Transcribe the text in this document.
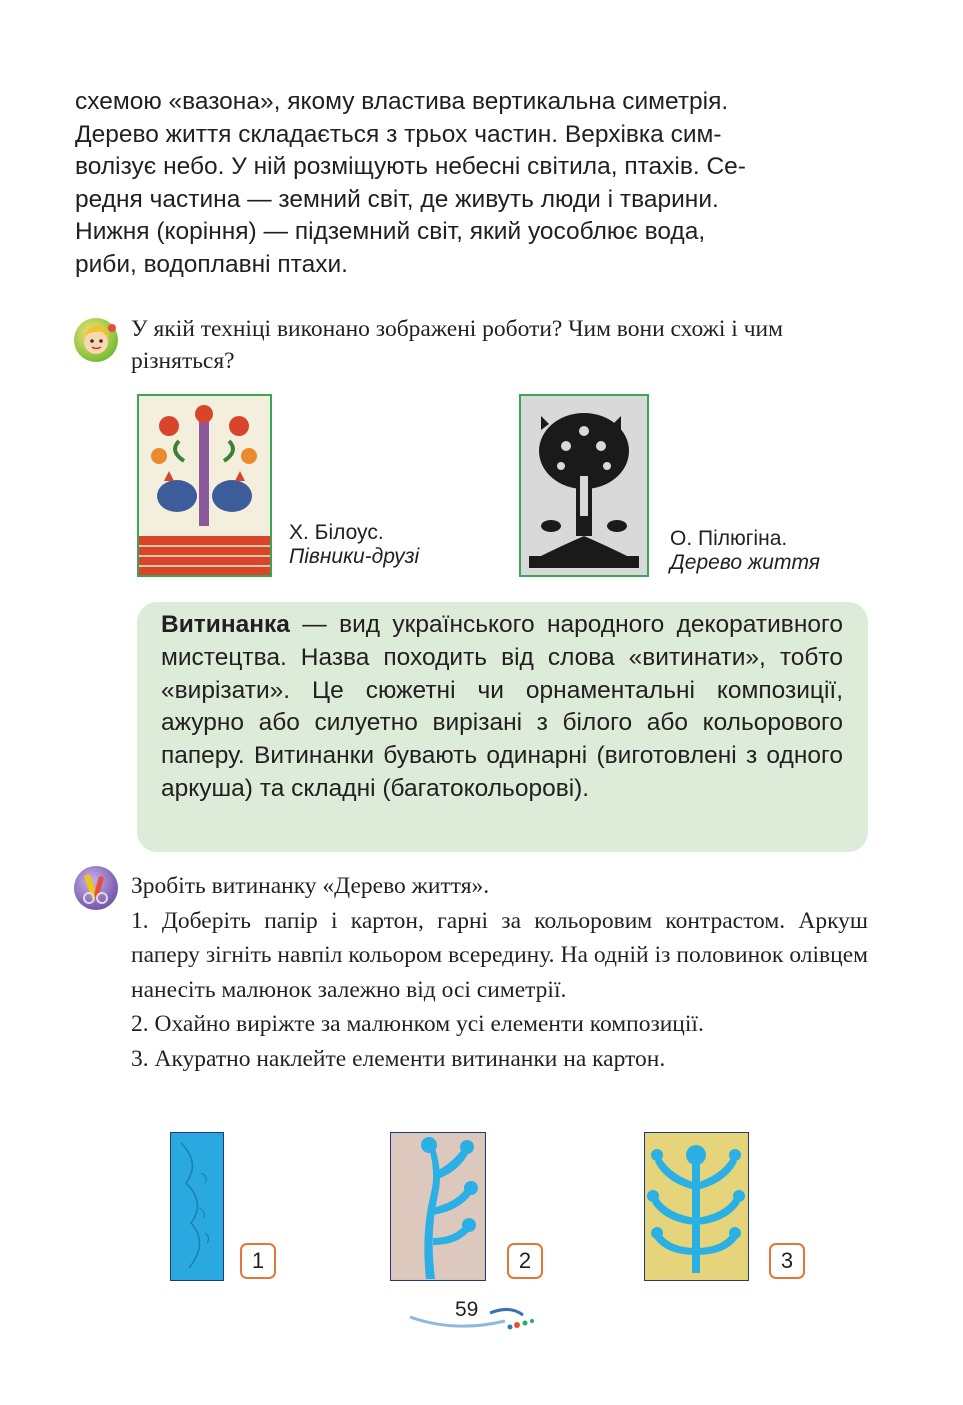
схемою «вазона», якому властива вертикальна симетрія.

Дерево життя складається з трьох частин. Верхівка сим-

волізує небо. У ній розміщують небесні світила, птахів. Се-

редня частина — земний світ, де живуть люди і тварини.

Нижня (коріння) — підземний світ, який уособлює вода,

риби, водоплавні птахи.

У якій техніці виконано зображені роботи? Чим вони схожі і чим різняться?
Х. Білоус.
Півники-друзі
О. Пілюгіна.
Дерево життя

Витинанка — вид українського народного декоративного мистецтва. Назва походить від слова «витинати», тобто «вирізати». Це сюжетні чи орнаментальні композиції, ажурно або силуетно вирізані з білого або кольорового паперу. Витинанки бувають одинарні (виготовлені з одного аркуша) та складні (багатокольорові).

Зробіть витинанку «Дерево життя».

1. Доберіть папір і картон, гарні за кольоровим контрастом. Аркуш паперу зігніть навпіл кольором всередину. На одній із половинок олівцем нанесіть малюнок залежно від осі симетрії.

2. Охайно виріжте за малюнком усі елементи композиції.

3. Акуратно наклейте елементи витинанки на картон.

1	2	3
59
